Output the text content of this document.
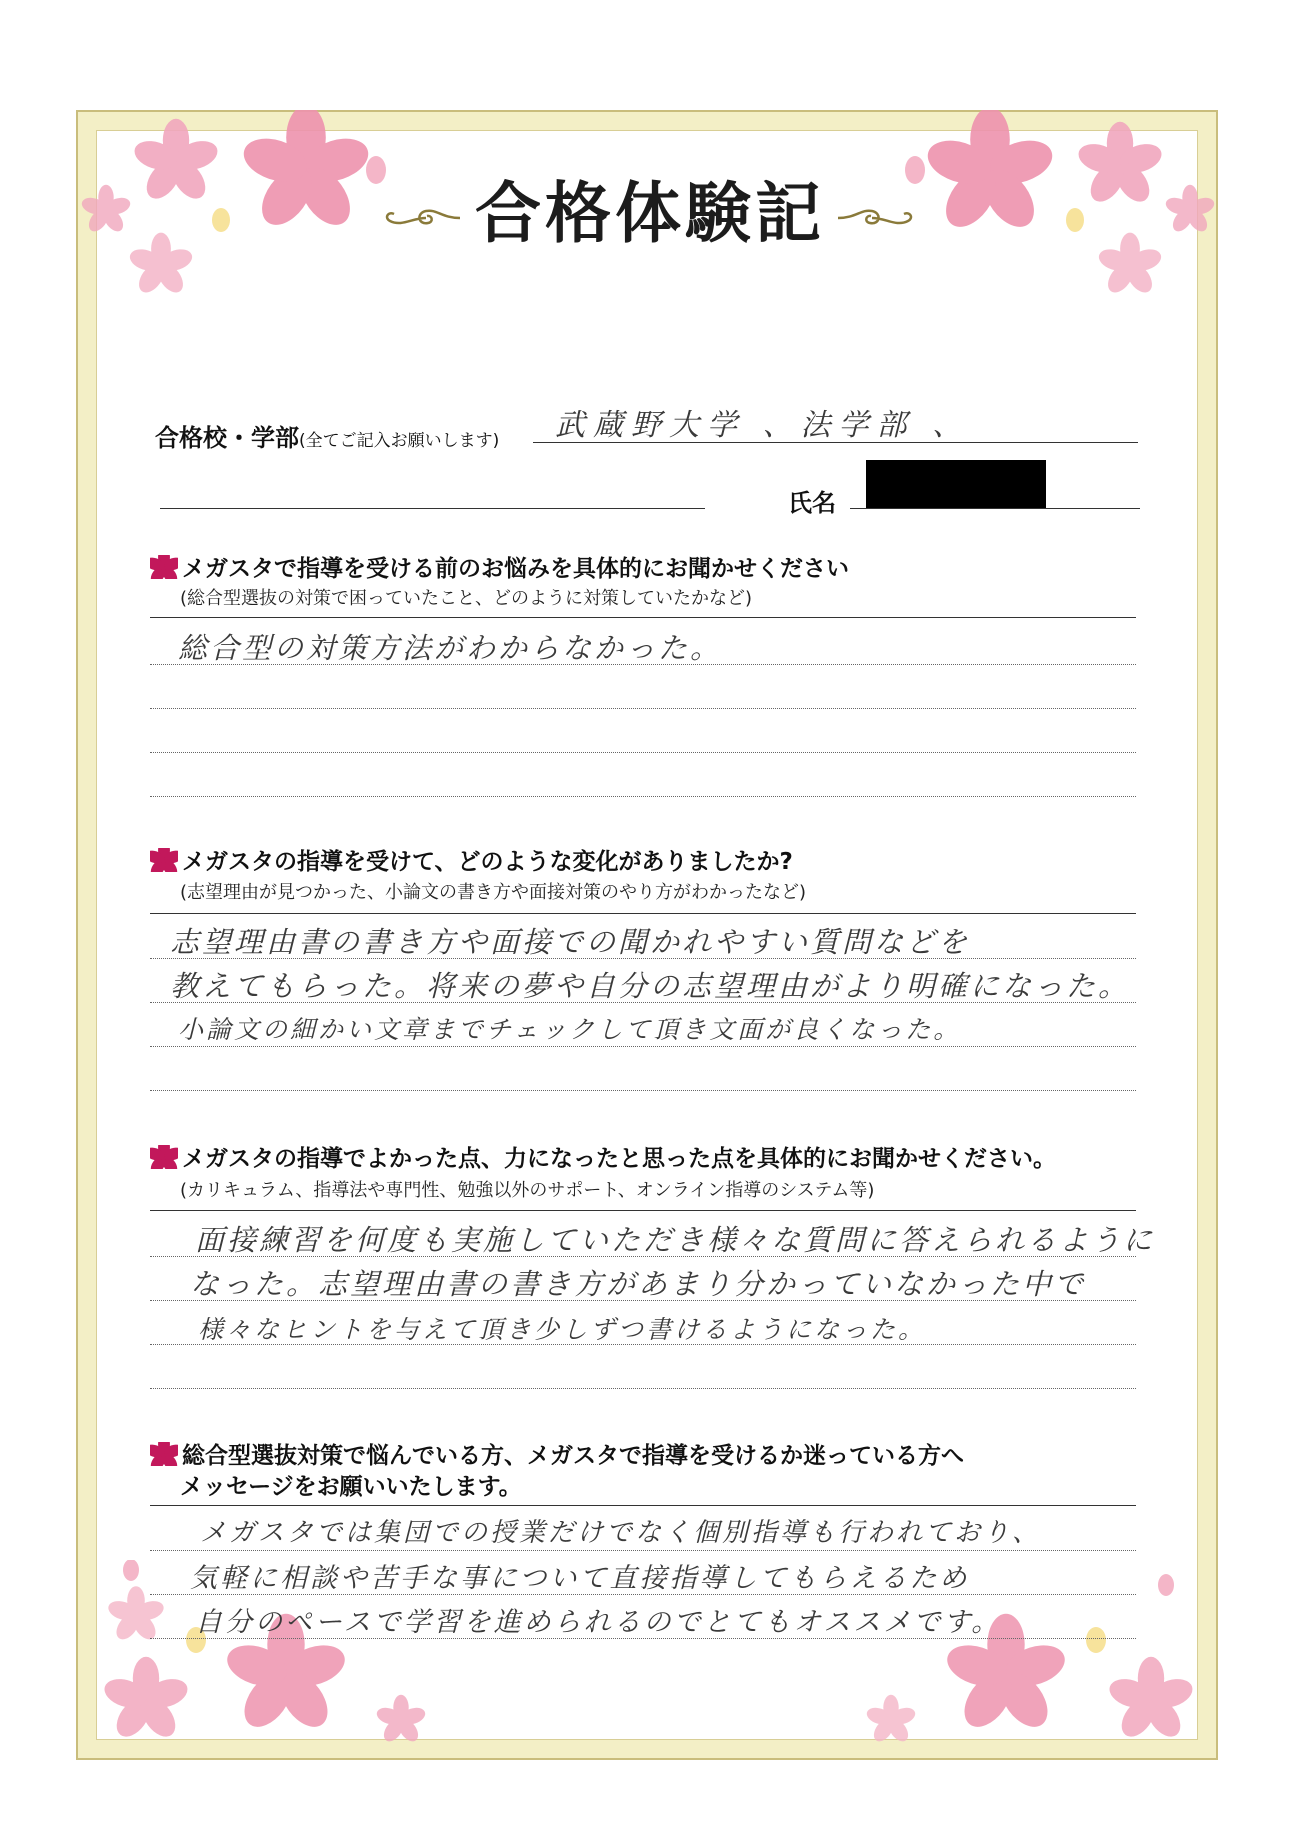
合格体験記
合格校・学部(全てご記入お願いします) 武蔵野大学 、法学部 、
氏名
メガスタで指導を受ける前のお悩みを具体的にお聞かせください
(総合型選抜の対策で困っていたこと、どのように対策していたかなど)
総合型の対策方法がわからなかった。
メガスタの指導を受けて、どのような変化がありましたか?
(志望理由が見つかった、小論文の書き方や面接対策のやり方がわかったなど)
志望理由書の書き方や面接での聞かれやすい質問などを
教えてもらった。将来の夢や自分の志望理由がより明確になった。
小論文の細かい文章までチェックして頂き文面が良くなった。
メガスタの指導でよかった点、力になったと思った点を具体的にお聞かせください。
(カリキュラム、指導法や専門性、勉強以外のサポート、オンライン指導のシステム等)
面接練習を何度も実施していただき様々な質問に答えられるように
なった。志望理由書の書き方があまり分かっていなかった中で
様々なヒントを与えて頂き少しずつ書けるようになった。
総合型選抜対策で悩んでいる方、メガスタで指導を受けるか迷っている方へ
メッセージをお願いいたします。
メガスタでは集団での授業だけでなく個別指導も行われており、
気軽に相談や苦手な事について直接指導してもらえるため
自分のペースで学習を進められるのでとてもオススメです。
